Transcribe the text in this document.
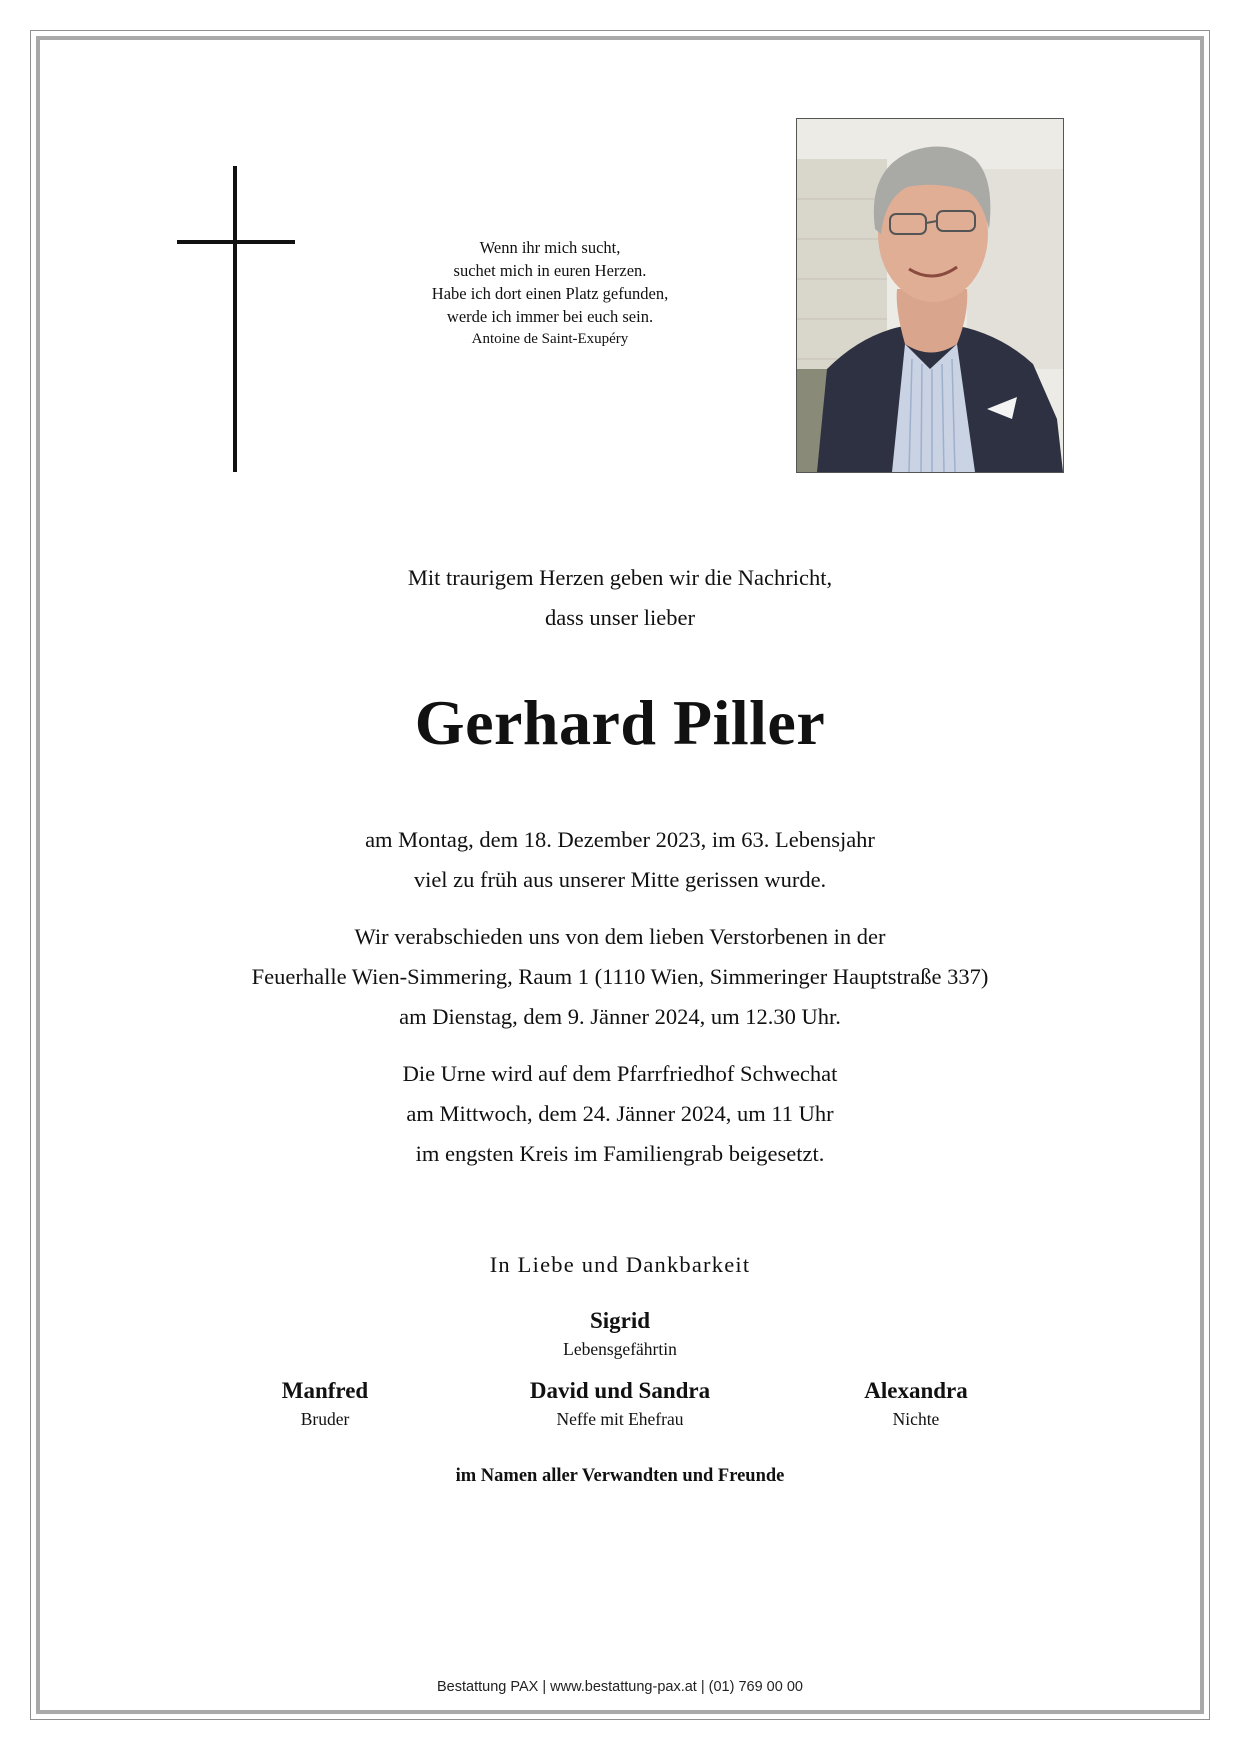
Wenn ihr mich sucht,
suchet mich in euren Herzen.
Habe ich dort einen Platz gefunden,
werde ich immer bei euch sein.
Antoine de Saint-Exupéry
Mit traurigem Herzen geben wir die Nachricht,
dass unser lieber
Gerhard Piller
am Montag, dem 18. Dezember 2023, im 63. Lebensjahr
viel zu früh aus unserer Mitte gerissen wurde.
Wir verabschieden uns von dem lieben Verstorbenen in der
Feuerhalle Wien-Simmering, Raum 1 (1110 Wien, Simmeringer Hauptstraße 337)
am Dienstag, dem 9. Jänner 2024, um 12.30 Uhr.
Die Urne wird auf dem Pfarrfriedhof Schwechat
am Mittwoch, dem 24. Jänner 2024, um 11 Uhr
im engsten Kreis im Familiengrab beigesetzt.
In Liebe und Dankbarkeit
Sigrid
Lebensgefährtin
Manfred
Bruder
David und Sandra
Neffe mit Ehefrau
Alexandra
Nichte
im Namen aller Verwandten und Freunde
Bestattung PAX | www.bestattung-pax.at | (01) 769 00 00
